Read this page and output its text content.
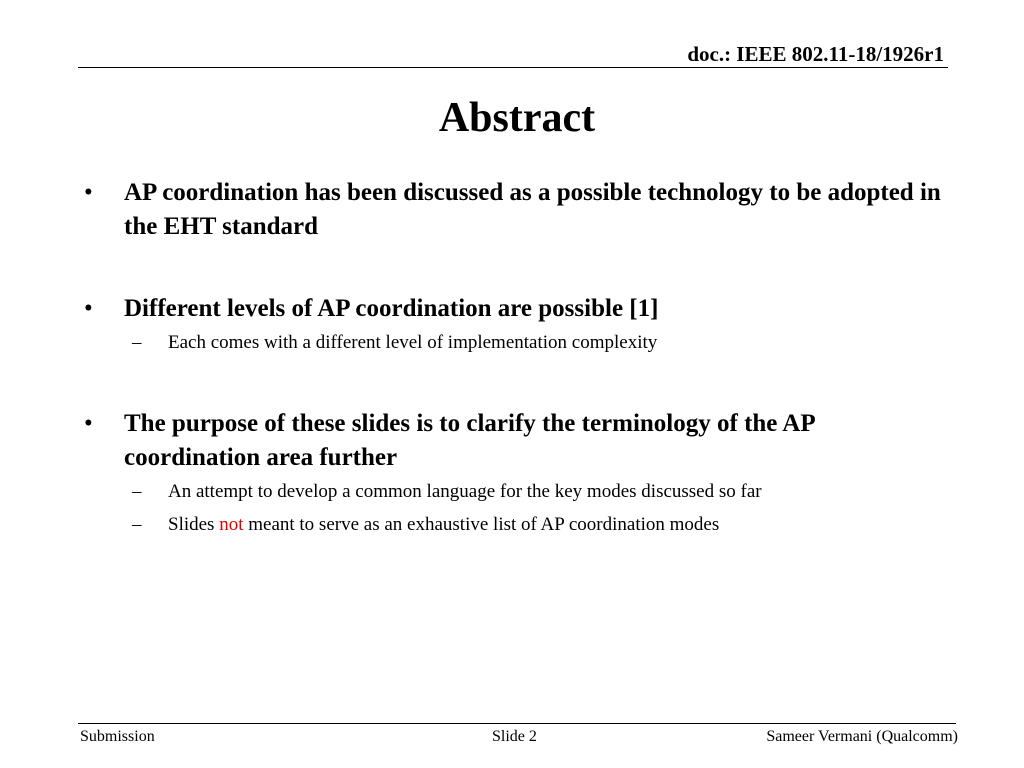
doc.: IEEE 802.11-18/1926r1
Abstract
• AP coordination has been discussed as a possible technology to be adopted in the EHT standard
• Different levels of AP coordination are possible [1]
– Each comes with a different level of implementation complexity
• The purpose of these slides is to clarify the terminology of the AP coordination area further
– An attempt to develop a common language for the key modes discussed so far
– Slides not meant to serve as an exhaustive list of AP coordination modes
Submission	Slide 2	Sameer Vermani (Qualcomm)
